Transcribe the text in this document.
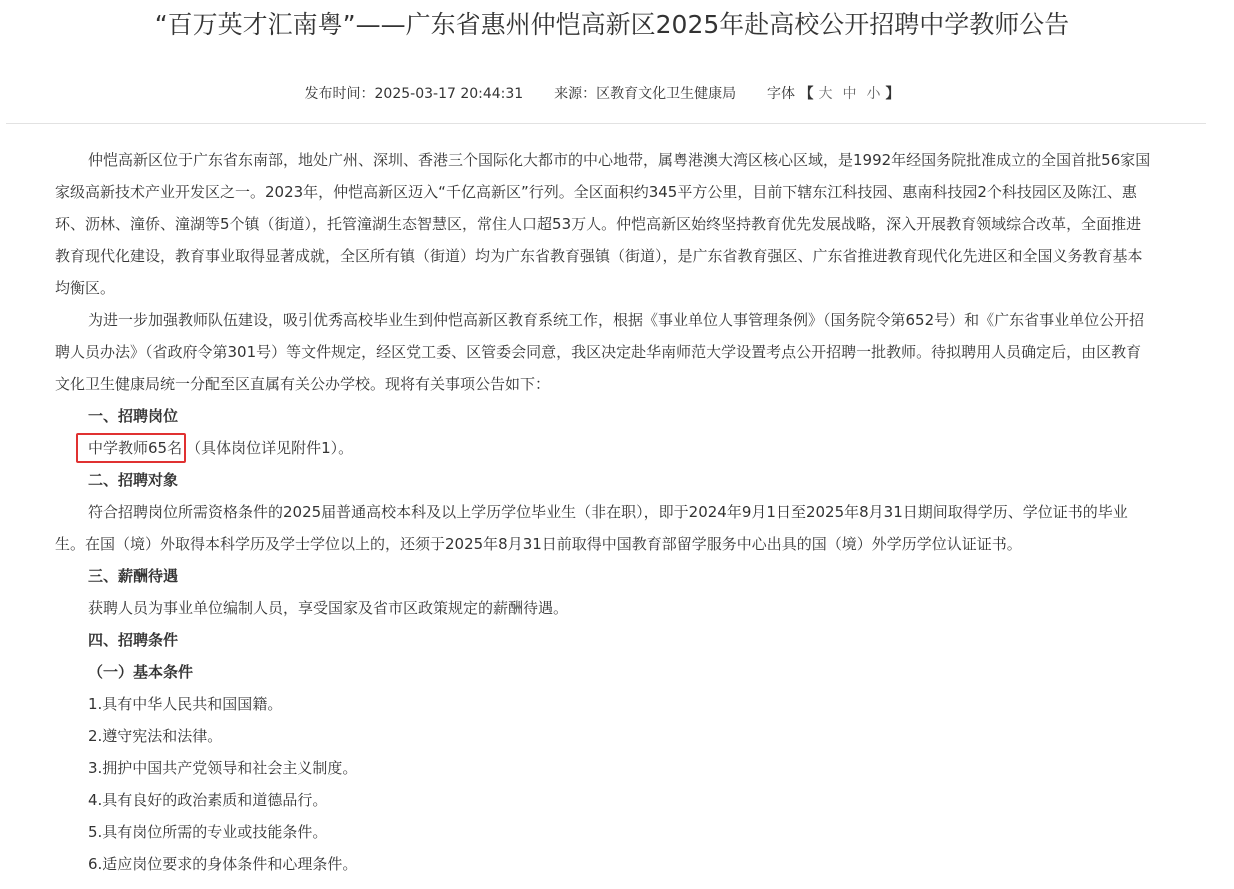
“百万英才汇南粤”——广东省惠州仲恺高新区2025年赴高校公开招聘中学教师公告
发布时间：2025-03-17 20:44:31 来源：区教育文化卫生健康局 字体 【 大 中 小 】

仲恺高新区位于广东省东南部，地处广州、深圳、香港三个国际化大都市的中心地带，属粤港澳大湾区核心区域，是1992年经国务院批准成立的全国首批56家国家级高新技术产业开发区之一。2023年，仲恺高新区迈入“千亿高新区”行列。全区面积约345平方公里，目前下辖东江科技园、惠南科技园2个科技园区及陈江、惠环、沥林、潼侨、潼湖等5个镇（街道），托管潼湖生态智慧区，常住人口超53万人。仲恺高新区始终坚持教育优先发展战略，深入开展教育领域综合改革，全面推进教育现代化建设，教育事业取得显著成就，全区所有镇（街道）均为广东省教育强镇（街道），是广东省教育强区、广东省推进教育现代化先进区和全国义务教育基本均衡区。

为进一步加强教师队伍建设，吸引优秀高校毕业生到仲恺高新区教育系统工作，根据《事业单位人事管理条例》（国务院令第652号）和《广东省事业单位公开招聘人员办法》（省政府令第301号）等文件规定，经区党工委、区管委会同意，我区决定赴华南师范大学设置考点公开招聘一批教师。待拟聘用人员确定后，由区教育文化卫生健康局统一分配至区直属有关公办学校。现将有关事项公告如下：

一、招聘岗位

中学教师65名 （具体岗位详见附件1）。

二、招聘对象

符合招聘岗位所需资格条件的2025届普通高校本科及以上学历学位毕业生（非在职），即于2024年9月1日至2025年8月31日期间取得学历、学位证书的毕业生。在国（境）外取得本科学历及学士学位以上的，还须于2025年8月31日前取得中国教育部留学服务中心出具的国（境）外学历学位认证证书。

三、薪酬待遇

获聘人员为事业单位编制人员，享受国家及省市区政策规定的薪酬待遇。

四、招聘条件

（一）基本条件

1.具有中华人民共和国国籍。

2.遵守宪法和法律。

3.拥护中国共产党领导和社会主义制度。

4.具有良好的政治素质和道德品行。

5.具有岗位所需的专业或技能条件。

6.适应岗位要求的身体条件和心理条件。
